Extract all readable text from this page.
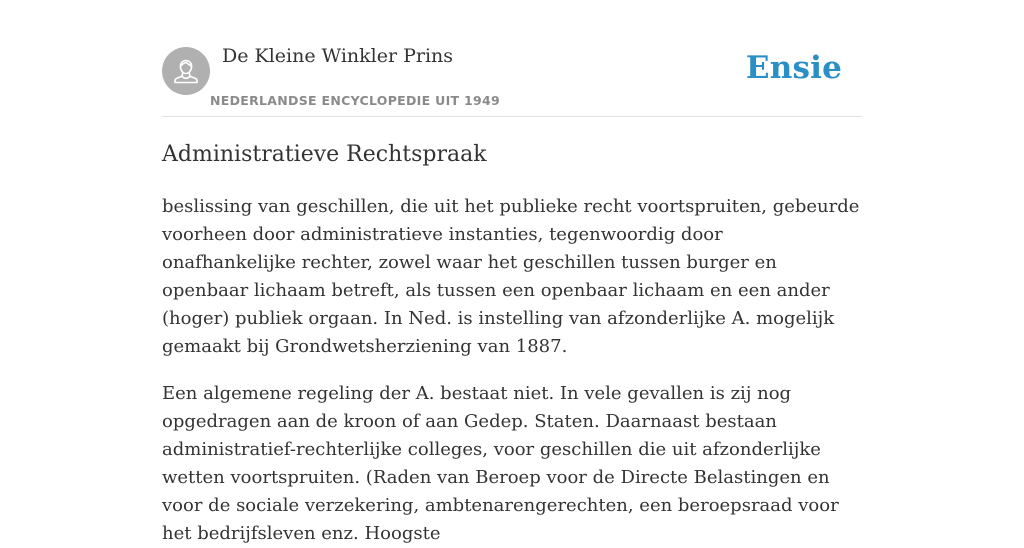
De Kleine Winkler Prins
NEDERLANDSE ENCYCLOPEDIE UIT 1949
Ensie
Administratieve Rechtspraak

beslissing van geschillen, die uit het publieke recht voortspruiten, gebeurde voorheen door administratieve instanties, tegenwoordig door onafhankelijke rechter, zowel waar het geschillen tussen burger en openbaar lichaam betreft, als tussen een openbaar lichaam en een ander (hoger) publiek orgaan. In Ned. is instelling van afzonderlijke A. mogelijk gemaakt bij Grondwetsherziening van 1887.

Een algemene regeling der A. bestaat niet. In vele gevallen is zij nog opgedragen aan de kroon of aan Gedep. Staten. Daarnaast bestaan administratief-rechterlijke colleges, voor geschillen die uit afzonderlijke wetten voortspruiten. (Raden van Beroep voor de Directe Belastingen en voor de sociale verzekering, ambtenarengerechten, een beroepsraad voor het bedrijfsleven enz. Hoogste
